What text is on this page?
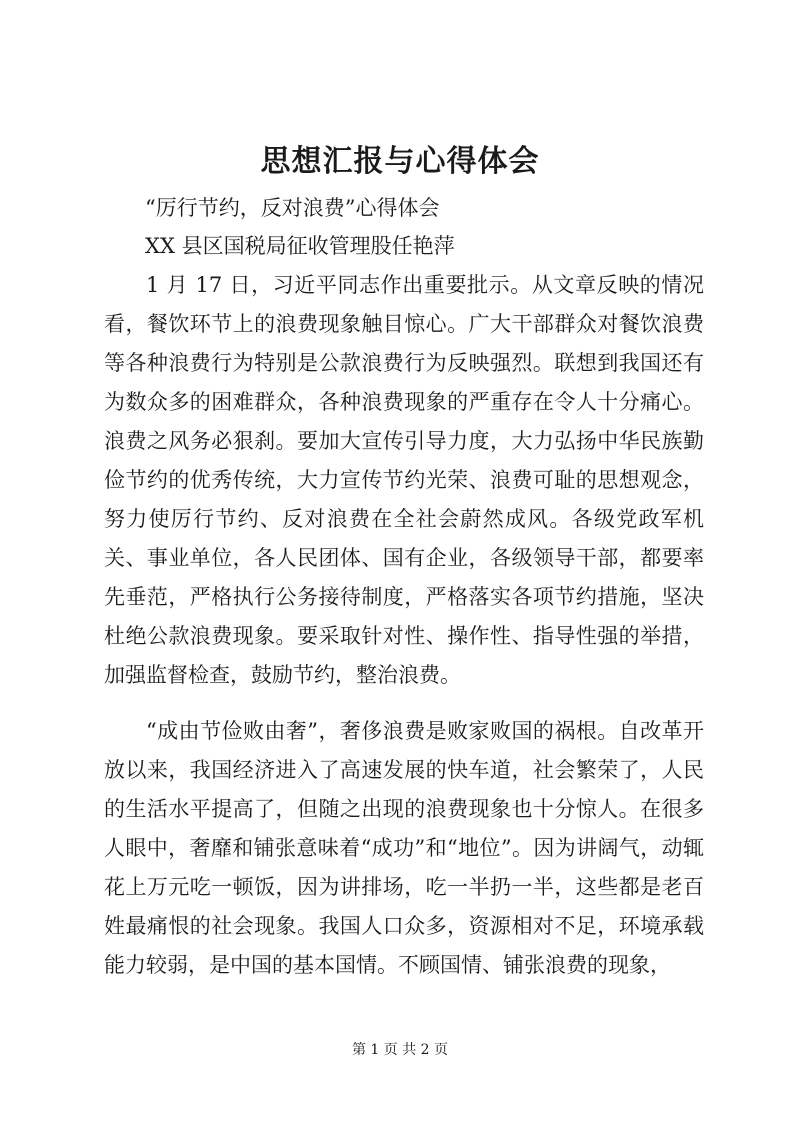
思想汇报与心得体会
“厉行节约，反对浪费”心得体会
XX 县区国税局征收管理股任艳萍
1 月 17 日，习近平同志作出重要批示。从文章反映的情况看，餐饮环节上的浪费现象触目惊心。广大干部群众对餐饮浪费等各种浪费行为特别是公款浪费行为反映强烈。联想到我国还有为数众多的困难群众，各种浪费现象的严重存在令人十分痛心。浪费之风务必狠刹。要加大宣传引导力度，大力弘扬中华民族勤俭节约的优秀传统，大力宣传节约光荣、浪费可耻的思想观念，努力使厉行节约、反对浪费在全社会蔚然成风。各级党政军机关、事业单位，各人民团体、国有企业，各级领导干部，都要率先垂范，严格执行公务接待制度，严格落实各项节约措施，坚决杜绝公款浪费现象。要采取针对性、操作性、指导性强的举措，加强监督检查，鼓励节约，整治浪费。
“成由节俭败由奢”，奢侈浪费是败家败国的祸根。自改革开放以来，我国经济进入了高速发展的快车道，社会繁荣了，人民的生活水平提高了，但随之出现的浪费现象也十分惊人。在很多人眼中，奢靡和铺张意味着“成功”和“地位”。因为讲阔气，动辄花上万元吃一顿饭，因为讲排场，吃一半扔一半，这些都是老百姓最痛恨的社会现象。我国人口众多，资源相对不足，环境承载能力较弱，是中国的基本国情。不顾国情、铺张浪费的现象，
第 1 页 共 2 页
